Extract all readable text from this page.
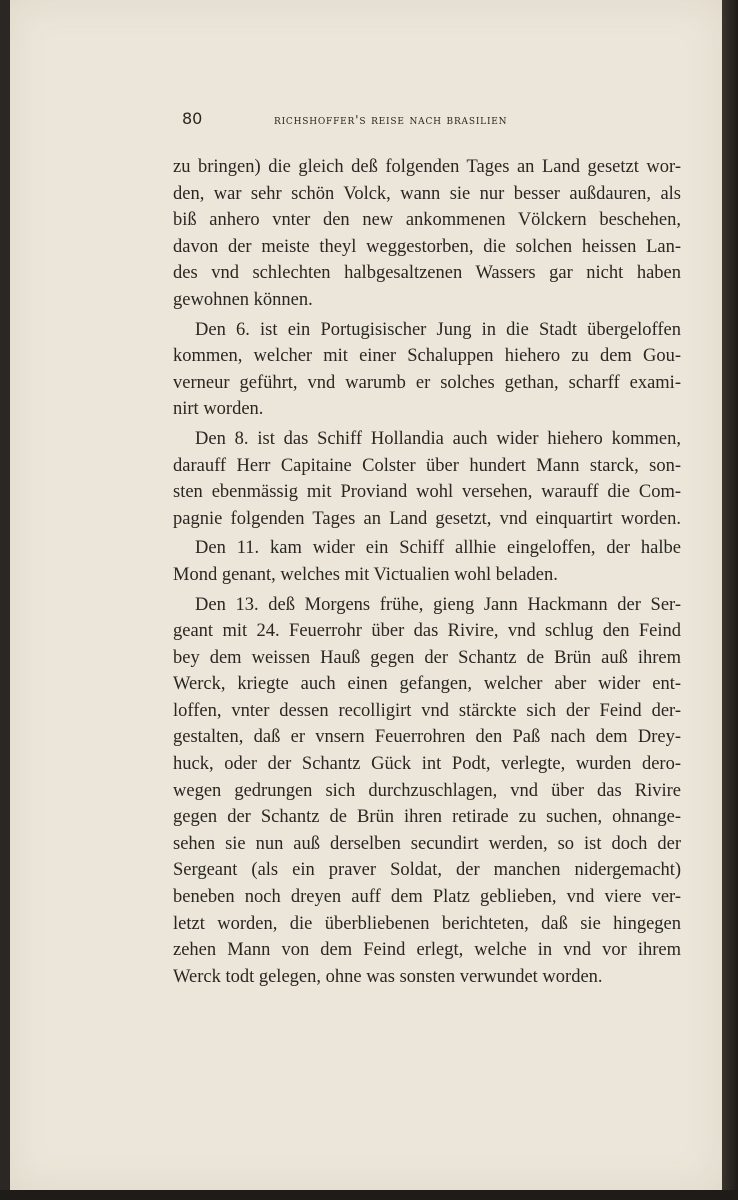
80	richshoffer's reise nach brasilien
zu bringen) die gleich deß folgenden Tages an Land gesetzt wor-
den, war sehr schön Volck, wann sie nur besser außdauren, als
biß anhero vnter den new ankommenen Völckern beschehen,
davon der meiste theyl weggestorben, die solchen heissen Lan-
des vnd schlechten halbgesaltzenen Wassers gar nicht haben
gewohnen können.
Den 6. ist ein Portugisischer Jung in die Stadt übergeloffen
kommen, welcher mit einer Schaluppen hiehero zu dem Gou-
verneur geführt, vnd warumb er solches gethan, scharff exami-
nirt worden.
Den 8. ist das Schiff Hollandia auch wider hiehero kommen,
darauff Herr Capitaine Colster über hundert Mann starck, son-
sten ebenmässig mit Proviand wohl versehen, warauff die Com-
pagnie folgenden Tages an Land gesetzt, vnd einquartirt worden.
Den 11. kam wider ein Schiff allhie eingeloffen, der halbe
Mond genant, welches mit Victualien wohl beladen.
Den 13. deß Morgens frühe, gieng Jann Hackmann der Ser-
geant mit 24. Feuerrohr über das Rivire, vnd schlug den Feind
bey dem weissen Hauß gegen der Schantz de Brün auß ihrem
Werck, kriegte auch einen gefangen, welcher aber wider ent-
loffen, vnter dessen recolligirt vnd stärckte sich der Feind der-
gestalten, daß er vnsern Feuerrohren den Paß nach dem Drey-
huck, oder der Schantz Gück int Podt, verlegte, wurden dero-
wegen gedrungen sich durchzuschlagen, vnd über das Rivire
gegen der Schantz de Brün ihren retirade zu suchen, ohnange-
sehen sie nun auß derselben secundirt werden, so ist doch der
Sergeant (als ein praver Soldat, der manchen nidergemacht)
beneben noch dreyen auff dem Platz geblieben, vnd viere ver-
letzt worden, die überbliebenen berichteten, daß sie hingegen
zehen Mann von dem Feind erlegt, welche in vnd vor ihrem
Werck todt gelegen, ohne was sonsten verwundet worden.
